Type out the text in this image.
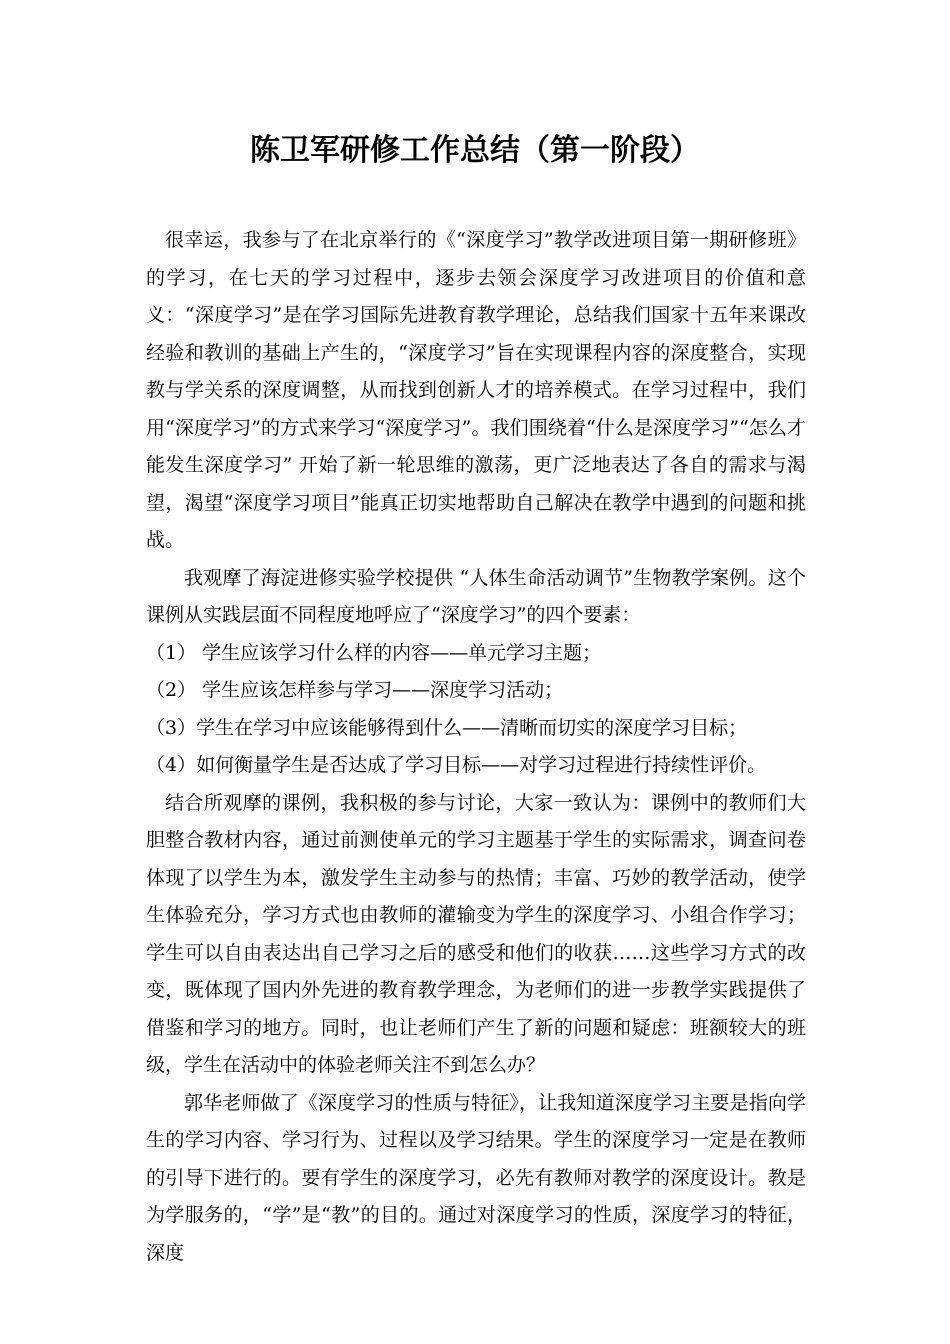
陈卫军研修工作总结（第一阶段）

很幸运，我参与了在北京举行的《“深度学习”教学改进项目第一期研修班》的学习，在七天的学习过程中，逐步去领会深度学习改进项目的价值和意义：“深度学习”是在学习国际先进教育教学理论，总结我们国家十五年来课改经验和教训的基础上产生的，“深度学习”旨在实现课程内容的深度整合，实现教与学关系的深度调整，从而找到创新人才的培养模式。在学习过程中，我们用“深度学习”的方式来学习“深度学习”。我们围绕着“什么是深度学习”“怎么才能发生深度学习” 开始了新一轮思维的激荡，更广泛地表达了各自的需求与渴望，渴望“深度学习项目”能真正切实地帮助自己解决在教学中遇到的问题和挑战。

我观摩了海淀进修实验学校提供 “人体生命活动调节”生物教学案例。这个课例从实践层面不同程度地呼应了“深度学习”的四个要素：

（1） 学生应该学习什么样的内容——单元学习主题；

（2） 学生应该怎样参与学习——深度学习活动；

（3）学生在学习中应该能够得到什么——清晰而切实的深度学习目标；

（4）如何衡量学生是否达成了学习目标——对学习过程进行持续性评价。

结合所观摩的课例，我积极的参与讨论，大家一致认为：课例中的教师们大胆整合教材内容，通过前测使单元的学习主题基于学生的实际需求，调查问卷体现了以学生为本，激发学生主动参与的热情；丰富、巧妙的教学活动，使学生体验充分，学习方式也由教师的灌输变为学生的深度学习、小组合作学习；学生可以自由表达出自己学习之后的感受和他们的收获……这些学习方式的改变，既体现了国内外先进的教育教学理念，为老师们的进一步教学实践提供了借鉴和学习的地方。同时，也让老师们产生了新的问题和疑虑：班额较大的班级，学生在活动中的体验老师关注不到怎么办？

郭华老师做了《深度学习的性质与特征》，让我知道深度学习主要是指向学生的学习内容、学习行为、过程以及学习结果。学生的深度学习一定是在教师的引导下进行的。要有学生的深度学习，必先有教师对教学的深度设计。教是为学服务的，“学”是“教”的目的。通过对深度学习的性质，深度学习的特征，深度
